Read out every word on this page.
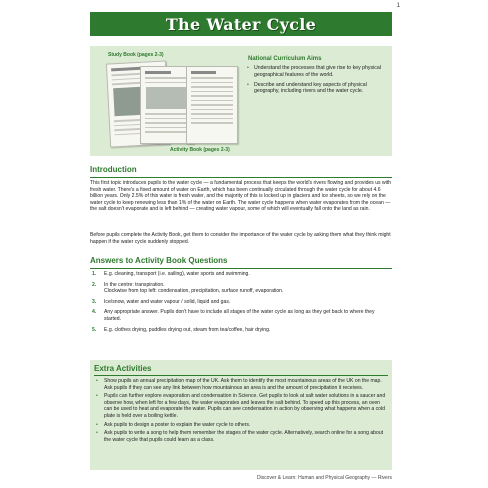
1
The Water Cycle
Study Book (pages 2-3)
Activity Book (pages 2-3)
National Curriculum Aims
• Understand the processes that give rise to key physical geographical features of the world.
• Describe and understand key aspects of physical geography, including rivers and the water cycle.
Introduction
This first topic introduces pupils to the water cycle — a fundamental process that keeps the world's rivers flowing and provides us with fresh water. There's a fixed amount of water on Earth, which has been continually circulated through the water cycle for about 4.6 billion years. Only 2.5% of this water is fresh water, and the majority of this is locked up in glaciers and ice sheets, so we rely on the water cycle to keep renewing less than 1% of the water on Earth. The water cycle happens when water evaporates from the ocean — the salt doesn't evaporate and is left behind — creating water vapour, some of which will eventually fall onto the land as rain.
Before pupils complete the Activity Book, get them to consider the importance of the water cycle by asking them what they think might happen if the water cycle suddenly stopped.
Answers to Activity Book Questions
1. E.g. cleaning, transport (i.e. sailing), water sports and swimming.
2. In the centre: transpiration.
Clockwise from top left: condensation, precipitation, surface runoff, evaporation.
3. Ice/snow, water and water vapour / solid, liquid and gas.
4. Any appropriate answer. Pupils don't have to include all stages of the water cycle as long as they get back to where they started.
5. E.g. clothes drying, puddles drying out, steam from tea/coffee, hair drying.
Extra Activities
• Show pupils an annual precipitation map of the UK. Ask them to identify the most mountainous areas of the UK on the map. Ask pupils if they can see any link between how mountainous an area is and the amount of precipitation it receives.
• Pupils can further explore evaporation and condensation in Science. Get pupils to look at salt water solutions in a saucer and observe how, when left for a few days, the water evaporates and leaves the salt behind. To speed up this process, an oven can be used to heat and evaporate the water. Pupils can see condensation in action by observing what happens when a cold plate is held over a boiling kettle.
• Ask pupils to design a poster to explain the water cycle to others.
• Ask pupils to write a song to help them remember the stages of the water cycle. Alternatively, search online for a song about the water cycle that pupils could learn as a class.
Discover & Learn: Human and Physical Geography — Rivers
